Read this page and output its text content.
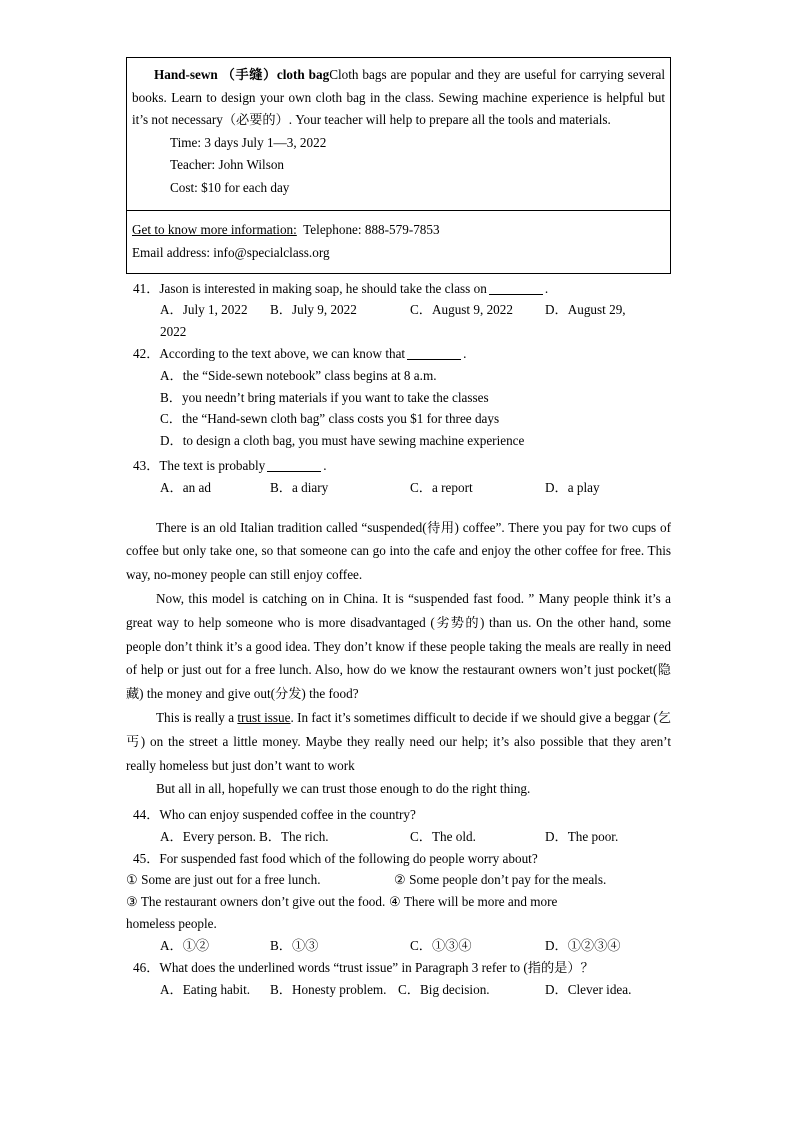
Hand-sewn （手缝）cloth bagCloth bags are popular and they are useful for carrying several books. Learn to design your own cloth bag in the class. Sewing machine experience is helpful but it’s not necessary（必要的）. Your teacher will help to prepare all the tools and materials.

Time: 3 days July 1—3, 2022

Teacher: John Wilson

Cost: $10 for each day

Get to know more information: Telephone: 888-579-7853

Email address: info@specialclass.org

41．Jason is interested in making soap, he should take the class on	.

A．July 1, 2022 B．July 9, 2022	C．August 9, 2022 D．August 29,

2022

42．According to the text above, we can know that	.

A．the “Side-sewn notebook” class begins at 8 a.m.

B．you needn’t bring materials if you want to take the classes

C．the “Hand-sewn cloth bag” class costs you $1 for three days

D．to design a cloth bag, you must have sewing machine experience

43．The text is probably	.

A．an ad	B．a diary	C．a report	D．a play

There is an old Italian tradition called “suspended(待用) coffee”. There you pay for two cups of coffee but only take one, so that someone can go into the cafe and enjoy the other coffee for free. This way, no-money people can still enjoy coffee.

Now, this model is catching on in China. It is “suspended fast food. ” Many people think it’s a great way to help someone who is more disadvantaged (劣势的) than us. On the other hand, some people don’t think it’s a good idea. They don’t know if these people taking the meals are really in need of help or just out for a free lunch. Also, how do we know the restaurant owners won’t just pocket(隐藏) the money and give out(分发) the food?

This is really a trust issue. In fact it’s sometimes difficult to decide if we should give a beggar (乞丐) on the street a little money. Maybe they really need our help; it’s also possible that they aren’t really homeless but just don’t want to work

But all in all, hopefully we can trust those enough to do the right thing.

44．Who can enjoy suspended coffee in the country?

A．Every person. B．The rich.	C．The old.	D．The poor.

45．For suspended fast food which of the following do people worry about?

① Some are just out for a free lunch.	② Some people don’t pay for the meals.
③ The restaurant owners don’t give out the food. ④ There will be more and more

homeless people.

A．①②	B．①③	C．①③④	D．①②③④

46．What does the underlined words “trust issue” in Paragraph 3 refer to (指的是）？

A．Eating habit. B．Honesty problem. C．Big decision.	D．Clever idea.
